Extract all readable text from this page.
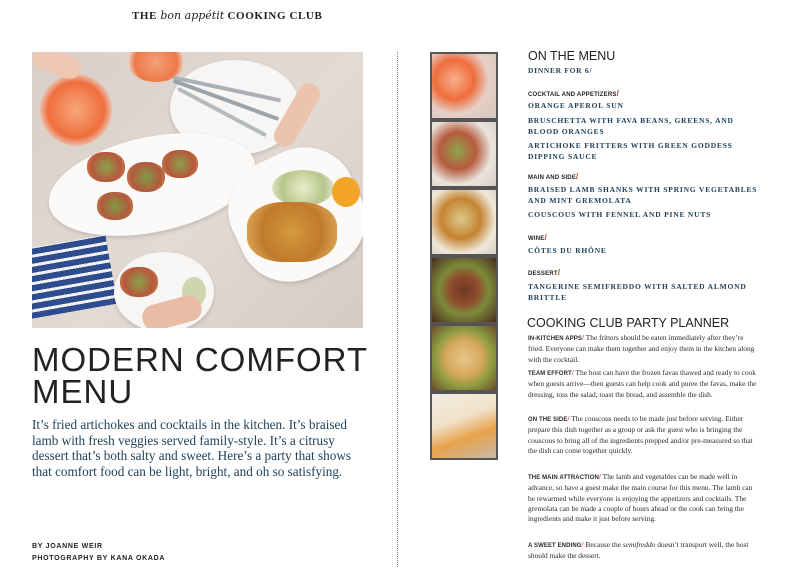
THE bon appétit COOKING CLUB
MODERN COMFORT
MENU
It’s fried artichokes and cocktails in the kitchen. It’s braised lamb with fresh veggies served family-style. It’s a citrusy dessert that’s both salty and sweet. Here’s a party that shows that comfort food can be light, bright, and oh so satisfying.
BY JOANNE WEIR
PHOTOGRAPHY BY KANA OKADA
ON THE MENU
DINNER FOR 6/
COCKTAIL AND APPETIZERS/
ORANGE APEROL SUN
BRUSCHETTA WITH FAVA BEANS, GREENS, AND BLOOD ORANGES
ARTICHOKE FRITTERS WITH GREEN GODDESS DIPPING SAUCE
MAIN AND SIDE/
BRAISED LAMB SHANKS WITH SPRING VEGETABLES AND MINT GREMOLATA
COUSCOUS WITH FENNEL AND PINE NUTS
WINE/
CÔTES DU RHÔNE
DESSERT/
TANGERINE SEMIFREDDO WITH SALTED ALMOND BRITTLE
COOKING CLUB PARTY PLANNER
IN-KITCHEN APPS/ The fritters should be eaten immediately after they’re fried. Everyone can make them together and enjoy them in the kitchen along with the cocktail.
TEAM EFFORT/ The host can have the frozen favas thawed and ready to cook when guests arrive—then guests can help cook and puree the favas, make the dressing, toss the salad, toast the bread, and assemble the dish.
ON THE SIDE/ The couscous needs to be made just before serving. Either prepare this dish together as a group or ask the guest who is bringing the couscous to bring all of the ingredients prepped and/or pre-measured so that the dish can come together quickly.
THE MAIN ATTRACTION/ The lamb and vegetables can be made well in advance, so have a guest make the main course for this menu. The lamb can be rewarmed while everyone is enjoying the appetizers and cocktails. The gremolata can be made a couple of hours ahead or the cook can bring the ingredients and make it just before serving.
A SWEET ENDING/ Because the semifreddo doesn’t transport well, the host should make the dessert.
